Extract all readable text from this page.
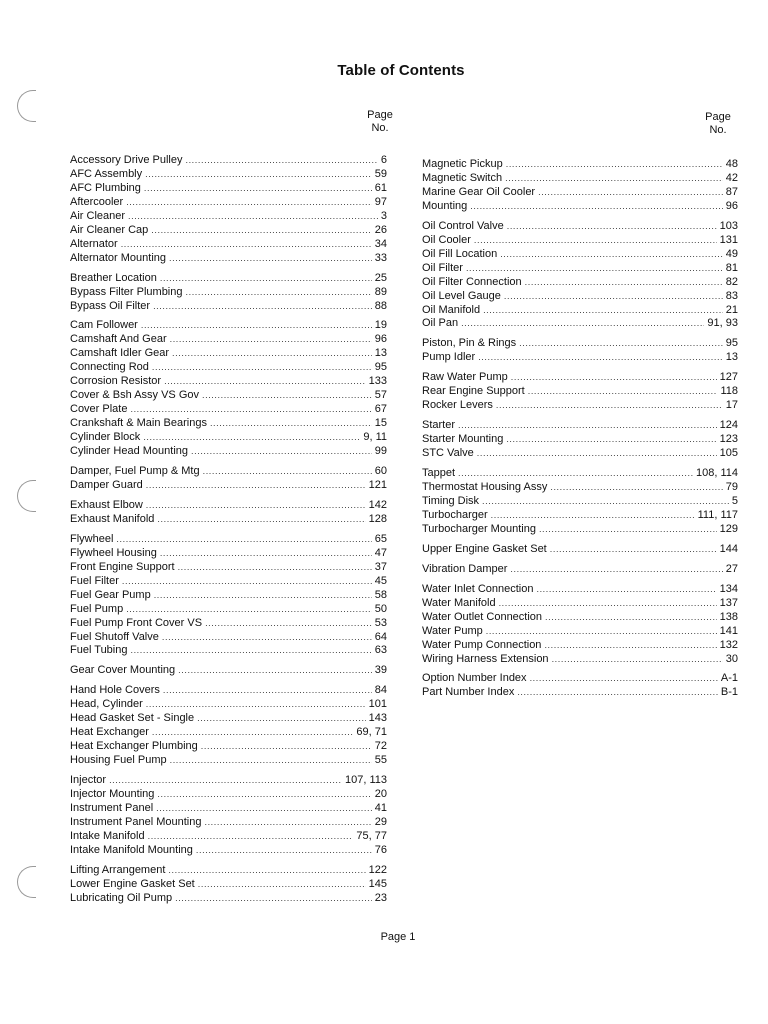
Table of Contents
Page
No.
Page
No.
Accessory Drive Pulley .....	6
AFC Assembly .....	59
AFC Plumbing .....	61
Aftercooler .....	97
Air Cleaner .....	3
Air Cleaner Cap .....	26
Alternator .....	34
Alternator Mounting .....	33
Breather Location .....	25
Bypass Filter Plumbing .....	89
Bypass Oil Filter .....	88
Cam Follower .....	19
Camshaft And Gear .....	96
Camshaft Idler Gear .....	13
Connecting Rod .....	95
Corrosion Resistor .....	133
Cover & Bsh Assy VS Gov .....	57
Cover Plate .....	67
Crankshaft & Main Bearings .....	15
Cylinder Block .....	9, 11
Cylinder Head Mounting .....	99
Damper, Fuel Pump & Mtg .....	60
Damper Guard .....	121
Exhaust Elbow .....	142
Exhaust Manifold .....	128
Flywheel .....	65
Flywheel Housing .....	47
Front Engine Support .....	37
Fuel Filter .....	45
Fuel Gear Pump .....	58
Fuel Pump .....	50
Fuel Pump Front Cover VS .....	53
Fuel Shutoff Valve .....	64
Fuel Tubing .....	63
Gear Cover Mounting .....	39
Hand Hole Covers .....	84
Head, Cylinder .....	101
Head Gasket Set - Single .....	143
Heat Exchanger .....	69, 71
Heat Exchanger Plumbing .....	72
Housing Fuel Pump .....	55
Injector .....	107, 113
Injector Mounting .....	20
Instrument Panel .....	41
Instrument Panel Mounting .....	29
Intake Manifold .....	75, 77
Intake Manifold Mounting .....	76
Lifting Arrangement .....	122
Lower Engine Gasket Set .....	145
Lubricating Oil Pump .....	23
Magnetic Pickup .....	48
Magnetic Switch .....	42
Marine Gear Oil Cooler .....	87
Mounting .....	96
Oil Control Valve .....	103
Oil Cooler .....	131
Oil Fill Location .....	49
Oil Filter .....	81
Oil Filter Connection .....	82
Oil Level Gauge .....	83
Oil Manifold .....	21
Oil Pan .....	91, 93
Piston, Pin & Rings .....	95
Pump Idler .....	13
Raw Water Pump .....	127
Rear Engine Support .....	118
Rocker Levers .....	17
Starter .....	124
Starter Mounting .....	123
STC Valve .....	105
Tappet .....	108, 114
Thermostat Housing Assy .....	79
Timing Disk .....	5
Turbocharger .....	111, 117
Turbocharger Mounting .....	129
Upper Engine Gasket Set .....	144
Vibration Damper .....	27
Water Inlet Connection .....	134
Water Manifold .....	137
Water Outlet Connection .....	138
Water Pump .....	141
Water Pump Connection .....	132
Wiring Harness Extension .....	30
Option Number Index .....	A-1
Part Number Index .....	B-1
Page 1
